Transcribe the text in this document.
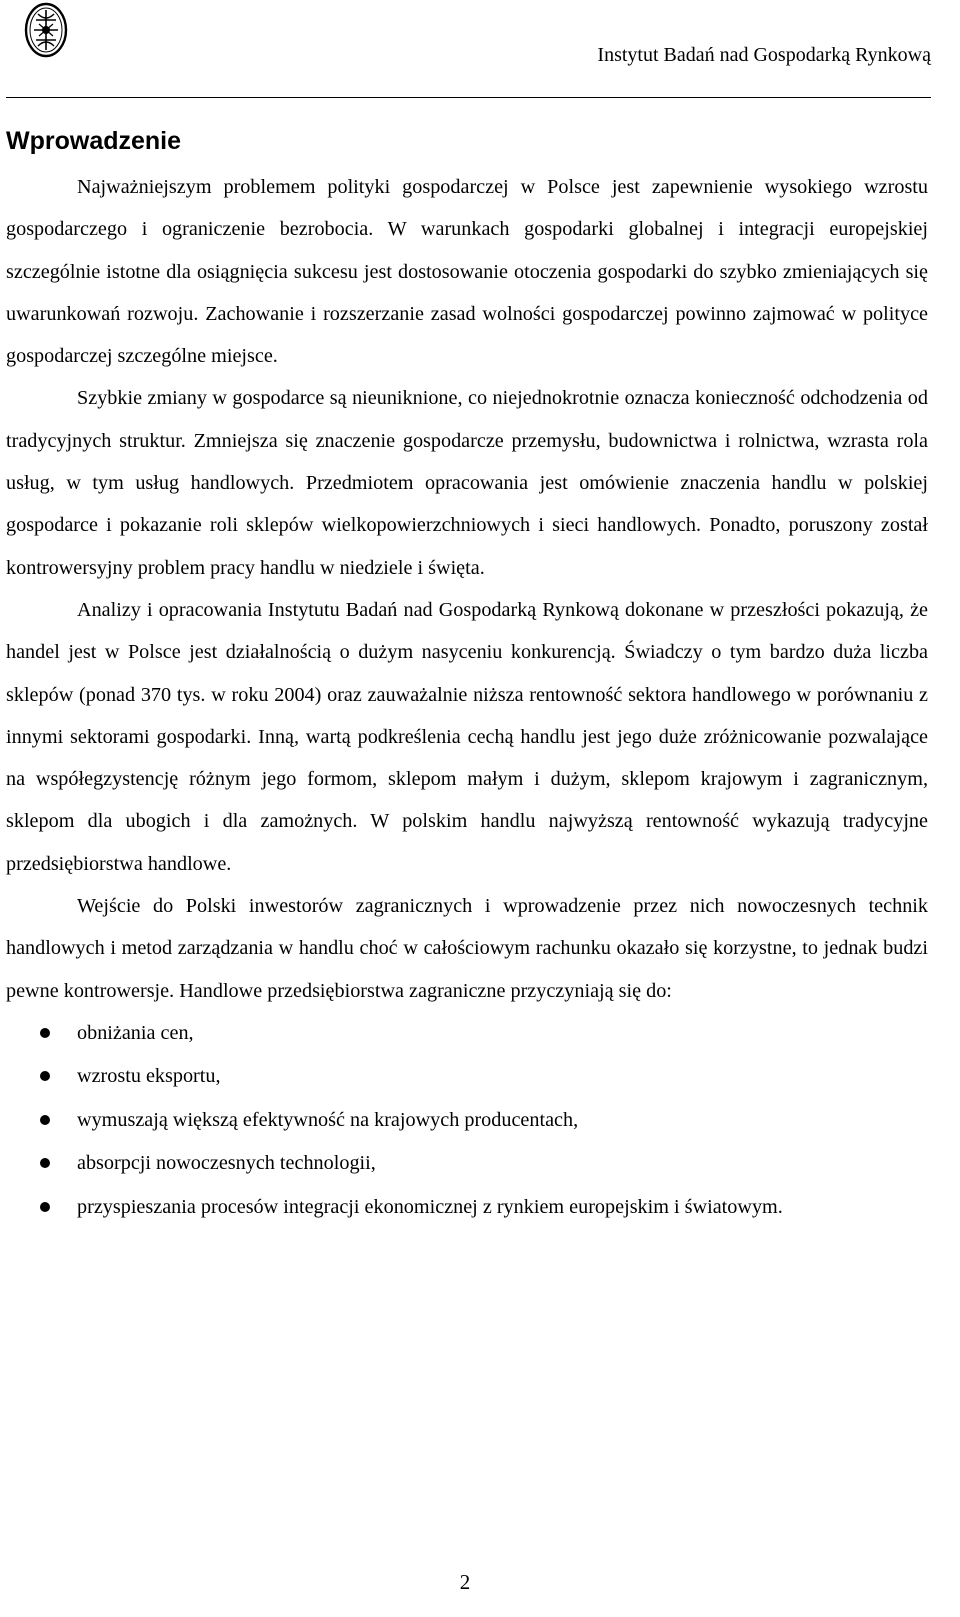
Instytut Badań nad Gospodarką Rynkową
Wprowadzenie

Najważniejszym problemem polityki gospodarczej w Polsce jest zapewnienie wysokiego wzrostu gospodarczego i ograniczenie bezrobocia. W warunkach gospodarki globalnej i integracji europejskiej szczególnie istotne dla osiągnięcia sukcesu jest dostosowanie otoczenia gospodarki do szybko zmieniających się uwarunkowań rozwoju. Zachowanie i rozszerzanie zasad wolności gospodarczej powinno zajmować w polityce gospodarczej szczególne miejsce.

Szybkie zmiany w gospodarce są nieuniknione, co niejednokrotnie oznacza konieczność odchodzenia od tradycyjnych struktur. Zmniejsza się znaczenie gospodarcze przemysłu, budownictwa i rolnictwa, wzrasta rola usług, w tym usług handlowych. Przedmiotem opracowania jest omówienie znaczenia handlu w polskiej gospodarce i pokazanie roli sklepów wielkopowierzchniowych i sieci handlowych. Ponadto, poruszony został kontrowersyjny problem pracy handlu w niedziele i święta.

Analizy i opracowania Instytutu Badań nad Gospodarką Rynkową dokonane w przeszłości pokazują, że handel jest w Polsce jest działalnością o dużym nasyceniu konkurencją. Świadczy o tym bardzo duża liczba sklepów (ponad 370 tys. w roku 2004) oraz zauważalnie niższa rentowność sektora handlowego w porównaniu z innymi sektorami gospodarki. Inną, wartą podkreślenia cechą handlu jest jego duże zróżnicowanie pozwalające na współegzystencję różnym jego formom, sklepom małym i dużym, sklepom krajowym i zagranicznym, sklepom dla ubogich i dla zamożnych. W polskim handlu najwyższą rentowność wykazują tradycyjne przedsiębiorstwa handlowe.

Wejście do Polski inwestorów zagranicznych i wprowadzenie przez nich nowoczesnych technik handlowych i metod zarządzania w handlu choć w całościowym rachunku okazało się korzystne, to jednak budzi pewne kontrowersje. Handlowe przedsiębiorstwa zagraniczne przyczyniają się do:

obniżania cen,
wzrostu eksportu,
wymuszają większą efektywność na krajowych producentach,
absorpcji nowoczesnych technologii,
przyspieszania procesów integracji ekonomicznej z rynkiem europejskim i światowym.
2
